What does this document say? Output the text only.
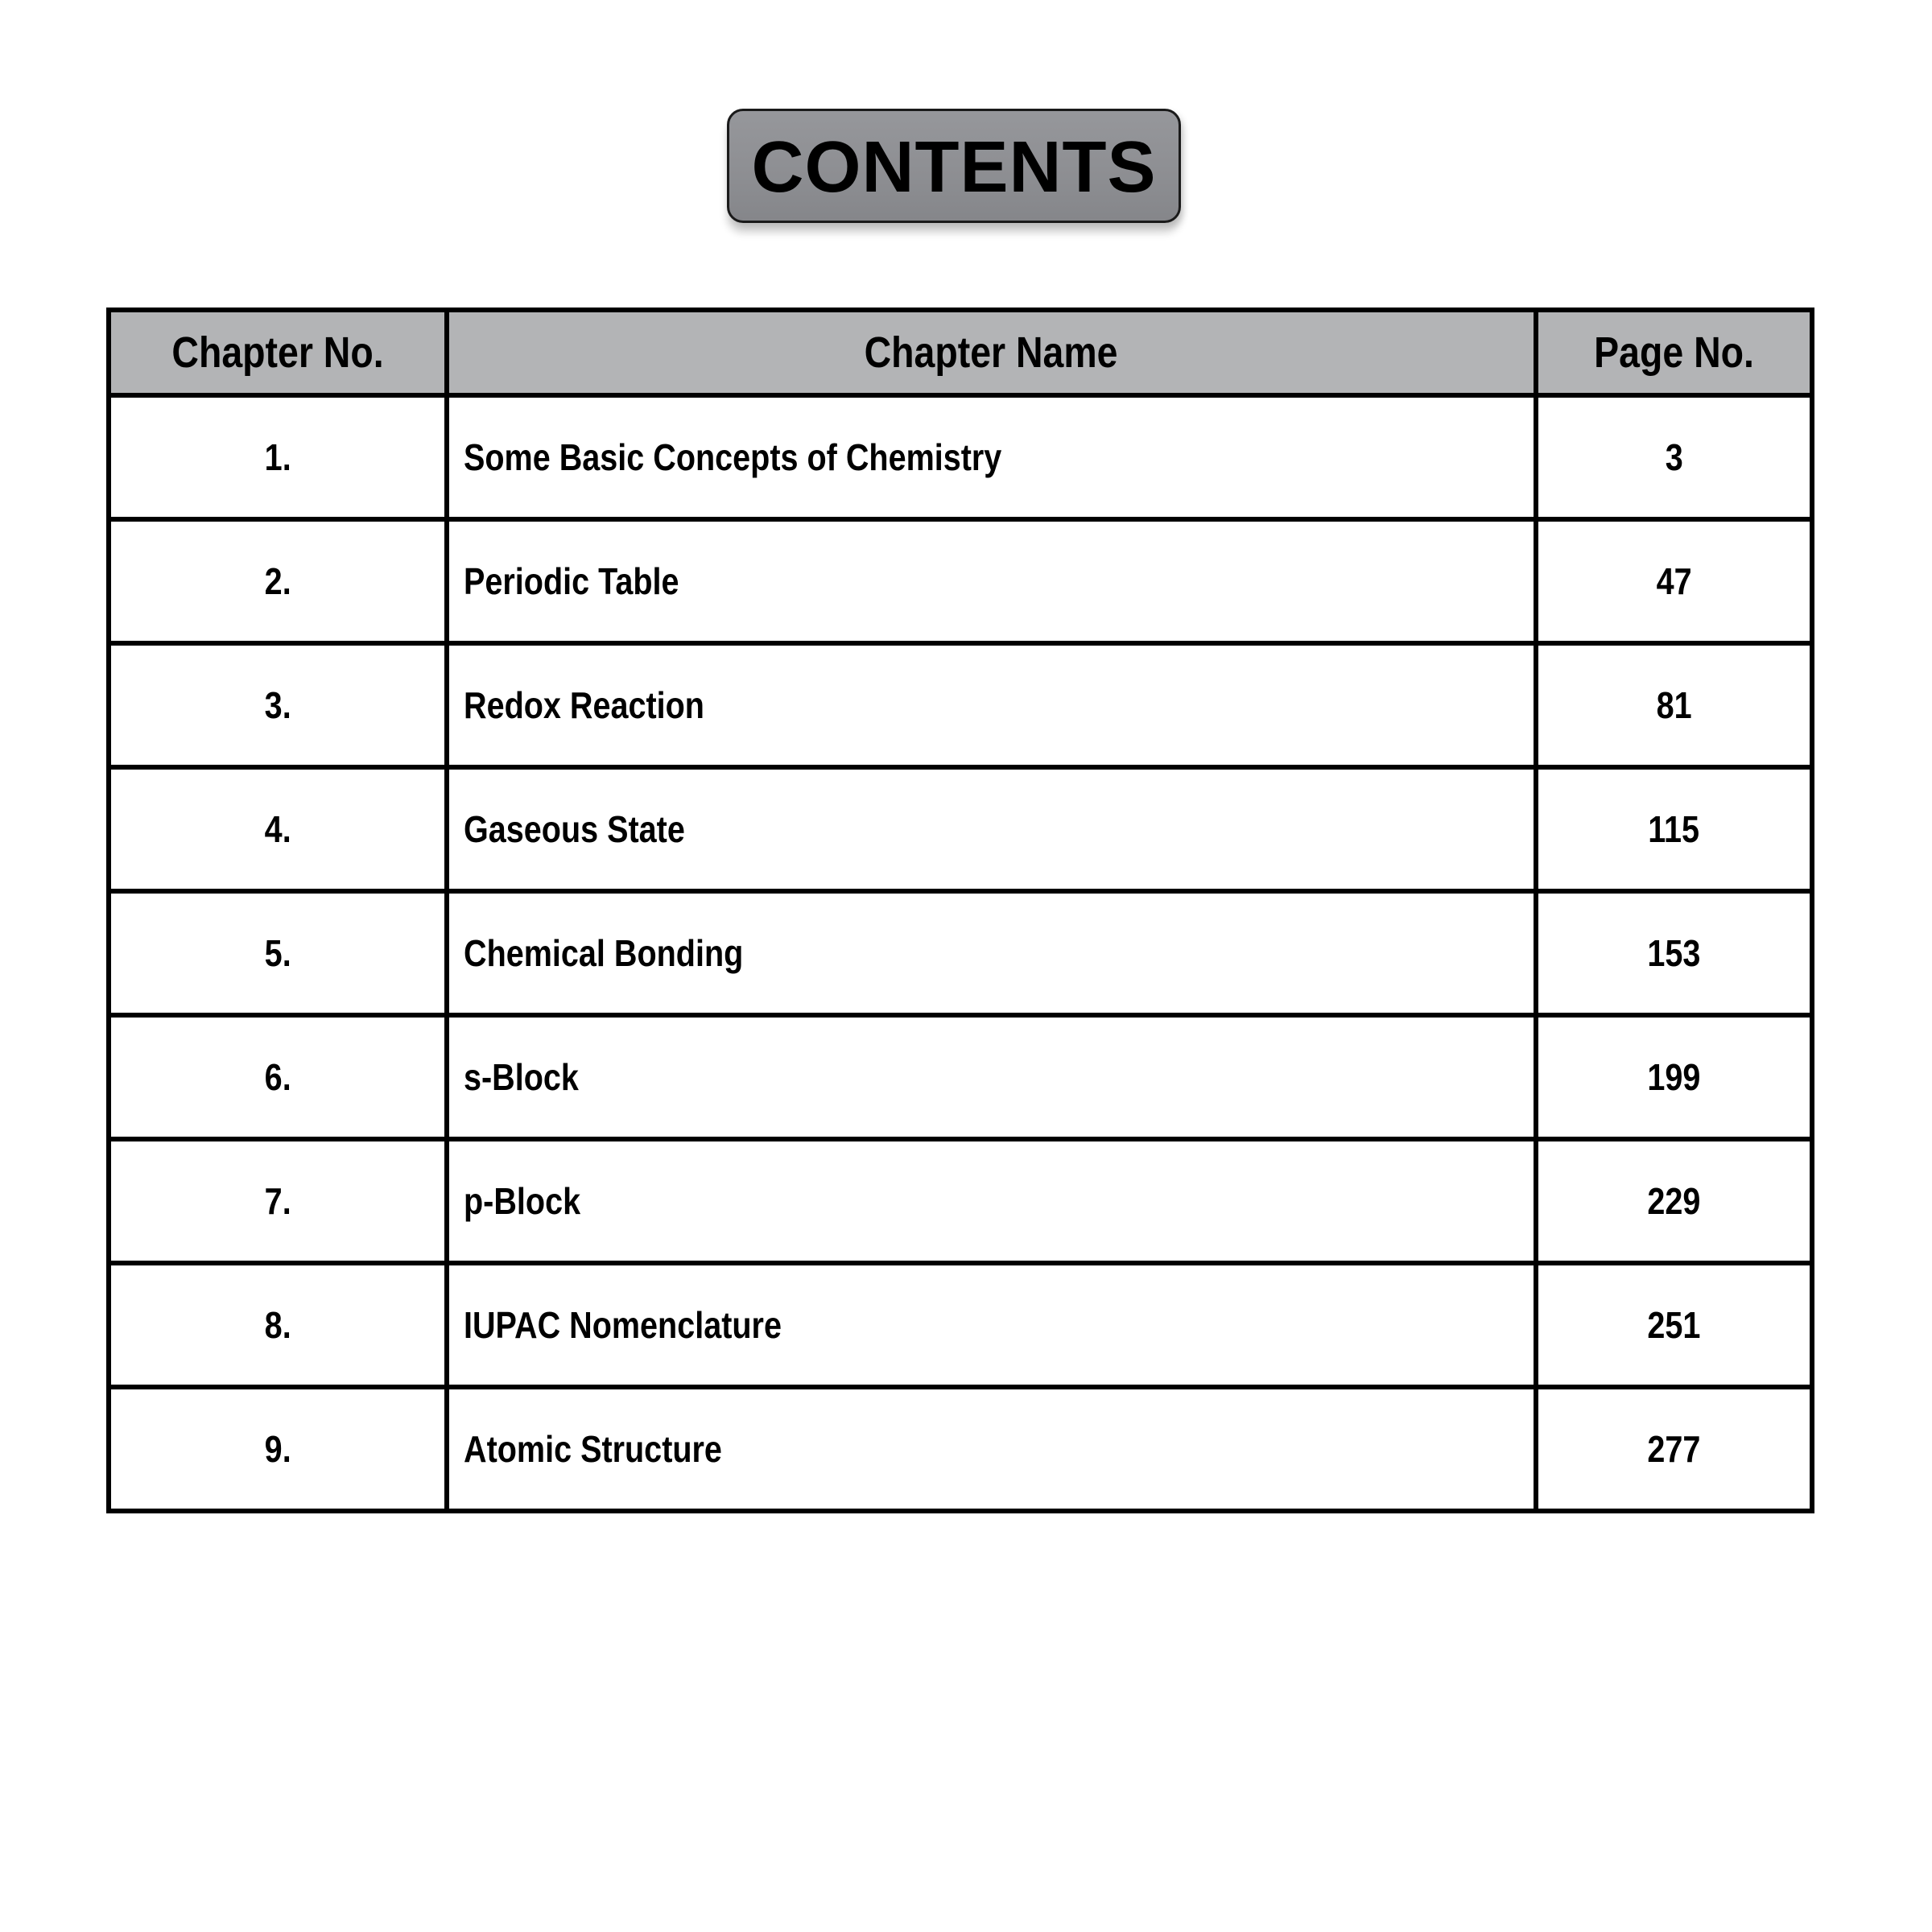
CONTENTS
Chapter No.	Chapter Name	Page No.
1.	Some Basic Concepts of Chemistry	3
2.	Periodic Table	47
3.	Redox Reaction	81
4.	Gaseous State	115
5.	Chemical Bonding	153
6.	s-Block	199
7.	p-Block	229
8.	IUPAC Nomenclature	251
9.	Atomic Structure	277
